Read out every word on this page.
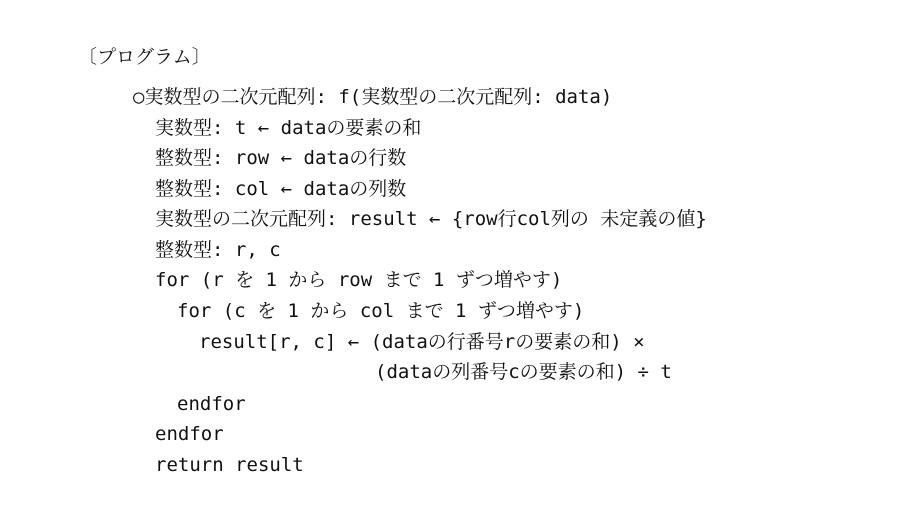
〔プログラム〕
○実数型の二次元配列: f(実数型の二次元配列: data)
実数型: t ← dataの要素の和
整数型: row ← dataの行数
整数型: col ← dataの列数
実数型の二次元配列: result ← {row行col列の 未定義の値}
整数型: r, c
for (r を 1 から row まで 1 ずつ増やす)
for (c を 1 から col まで 1 ずつ増やす)
result[r, c] ← (dataの行番号rの要素の和) ×
(dataの列番号cの要素の和) ÷ t
endfor
endfor
return result
